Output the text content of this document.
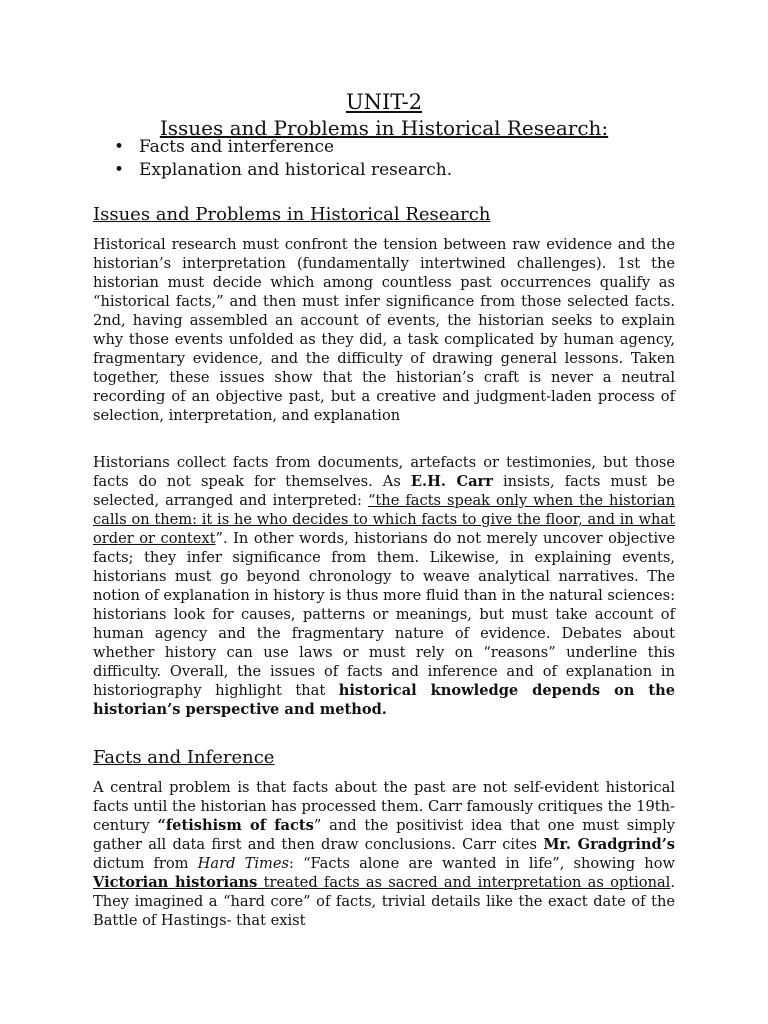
UNIT-2
Issues and Problems in Historical Research:
• Facts and interference
• Explanation and historical research.
Issues and Problems in Historical Research

Historical research must confront the tension between raw evidence and the historian’s interpretation (fundamentally intertwined challenges). 1st the historian must decide which among countless past occurrences qualify as “historical facts,” and then must infer significance from those selected facts. 2nd, having assembled an account of events, the historian seeks to explain why those events unfolded as they did, a task complicated by human agency, fragmentary evidence, and the difficulty of drawing general lessons. Taken together, these issues show that the historian’s craft is never a neutral recording of an objective past, but a creative and judgment-laden process of selection, interpretation, and explanation

Historians collect facts from documents, artefacts or testimonies, but those facts do not speak for themselves. As E.H. Carr insists, facts must be selected, arranged and interpreted: “the facts speak only when the historian calls on them: it is he who decides to which facts to give the floor, and in what order or context”. In other words, historians do not merely uncover objective facts; they infer significance from them. Likewise, in explaining events, historians must go beyond chronology to weave analytical narratives. The notion of explanation in history is thus more fluid than in the natural sciences: historians look for causes, patterns or meanings, but must take account of human agency and the fragmentary nature of evidence. Debates about whether history can use laws or must rely on “reasons” underline this difficulty. Overall, the issues of facts and inference and of explanation in historiography highlight that historical knowledge depends on the historian’s perspective and method.

Facts and Inference

A central problem is that facts about the past are not self-evident historical facts until the historian has processed them. Carr famously critiques the 19th-century “fetishism of facts” and the positivist idea that one must simply gather all data first and then draw conclusions. Carr cites Mr. Gradgrind’s dictum from Hard Times: “Facts alone are wanted in life”, showing how Victorian historians treated facts as sacred and interpretation as optional. They imagined a “hard core” of facts, trivial details like the exact date of the Battle of Hastings- that exist
